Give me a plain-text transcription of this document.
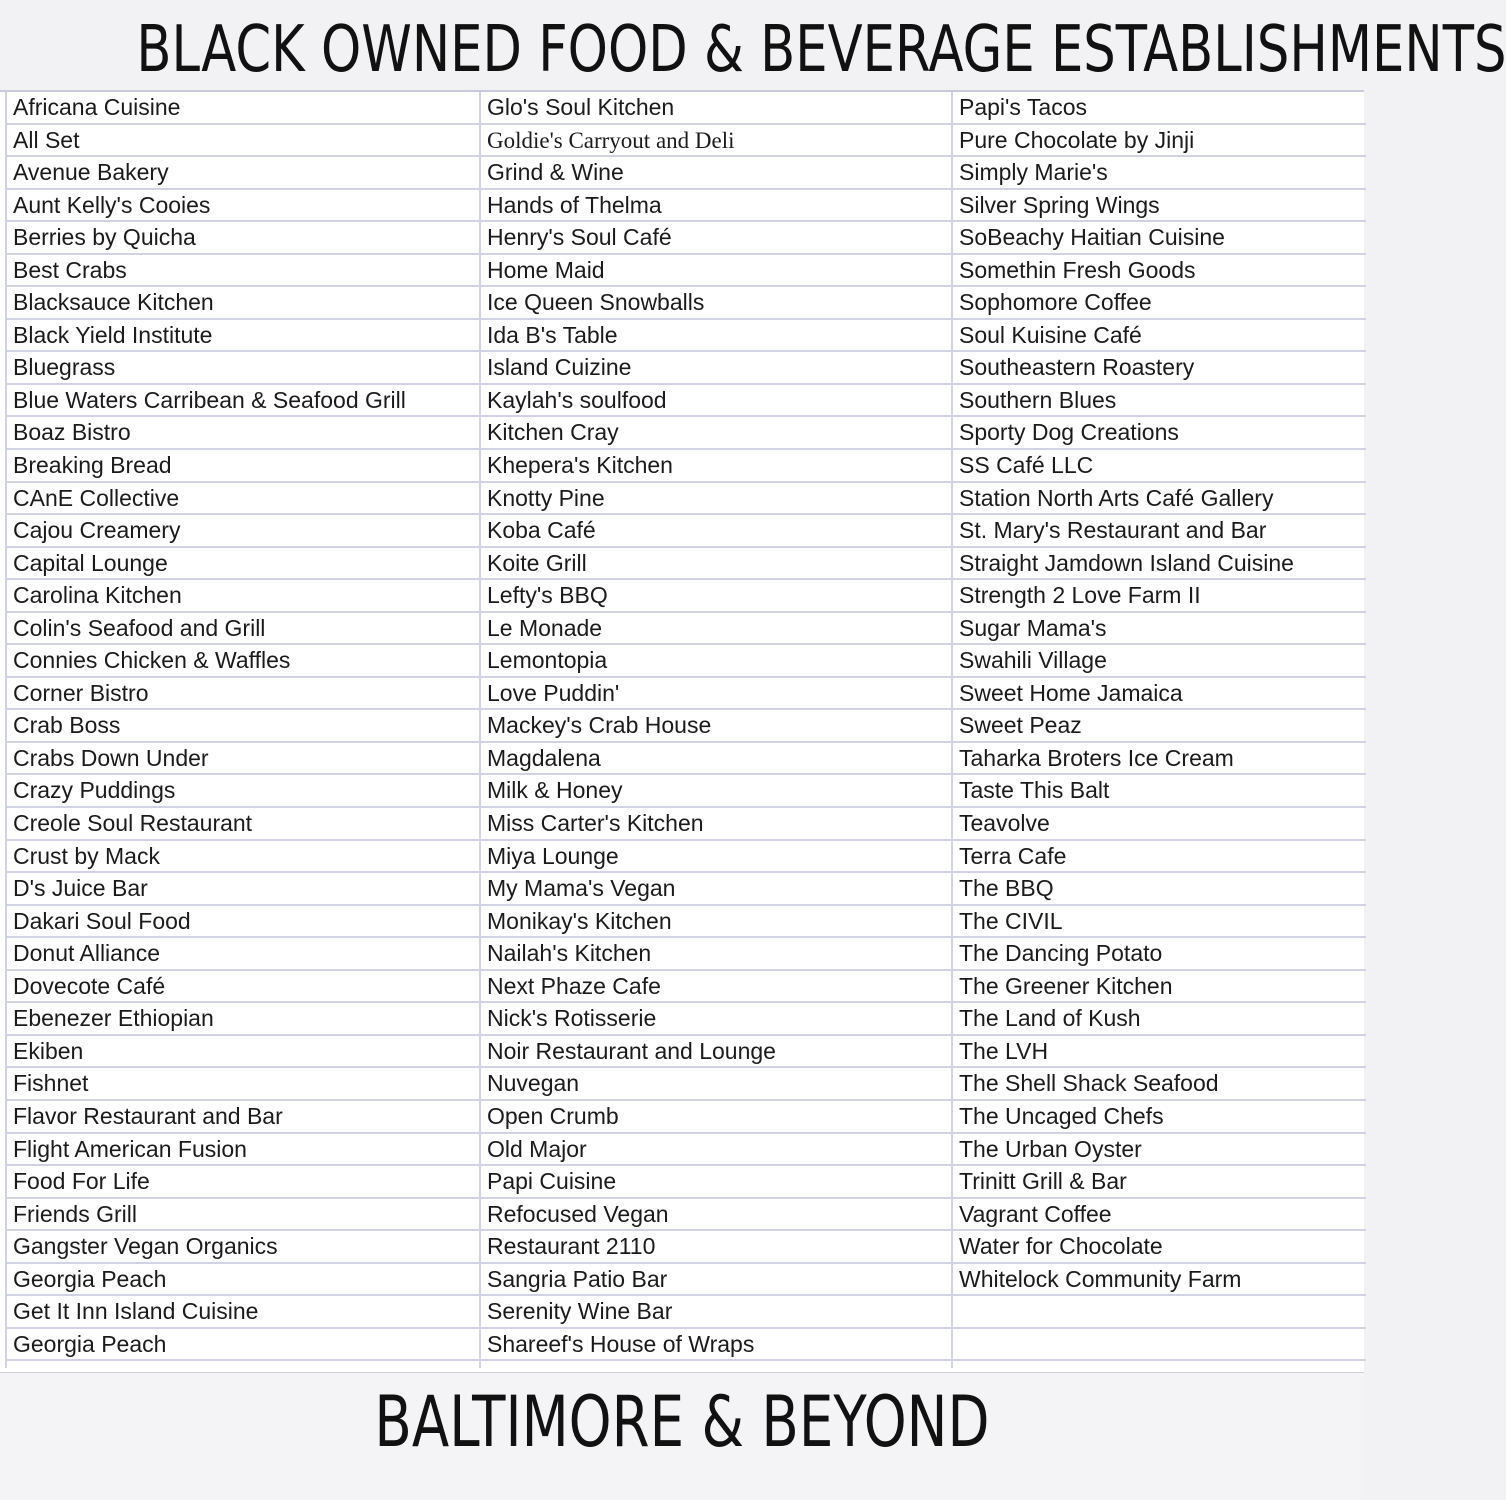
BLACK OWNED FOOD & BEVERAGE ESTABLISHMENTS
Africana Cuisine
All Set
Avenue Bakery
Aunt Kelly's Cooies
Berries by Quicha
Best Crabs
Blacksauce Kitchen
Black Yield Institute
Bluegrass
Blue Waters Carribean & Seafood Grill
Boaz Bistro
Breaking Bread
CAnE Collective
Cajou Creamery
Capital Lounge
Carolina Kitchen
Colin's Seafood and Grill
Connies Chicken & Waffles
Corner Bistro
Crab Boss
Crabs Down Under
Crazy Puddings
Creole Soul Restaurant
Crust by Mack
D's Juice Bar
Dakari Soul Food
Donut Alliance
Dovecote Café
Ebenezer Ethiopian
Ekiben
Fishnet
Flavor Restaurant and Bar
Flight American Fusion
Food For Life
Friends Grill
Gangster Vegan Organics
Georgia Peach
Get It Inn Island Cuisine
Georgia Peach
Glo's Soul Kitchen
Goldie's Carryout and Deli
Grind & Wine
Hands of Thelma
Henry's Soul Café
Home Maid
Ice Queen Snowballs
Ida B's Table
Island Cuizine
Kaylah's soulfood
Kitchen Cray
Khepera's Kitchen
Knotty Pine
Koba Café
Koite Grill
Lefty's BBQ
Le Monade
Lemontopia
Love Puddin'
Mackey's Crab House
Magdalena
Milk & Honey
Miss Carter's Kitchen
Miya Lounge
My Mama's Vegan
Monikay's Kitchen
Nailah's Kitchen
Next Phaze Cafe
Nick's Rotisserie
Noir Restaurant and Lounge
Nuvegan
Open Crumb
Old Major
Papi Cuisine
Refocused Vegan
Restaurant 2110
Sangria Patio Bar
Serenity Wine Bar
Shareef's House of Wraps
Papi's Tacos
Pure Chocolate by Jinji
Simply Marie's
Silver Spring Wings
SoBeachy Haitian Cuisine
Somethin Fresh Goods
Sophomore Coffee
Soul Kuisine Café
Southeastern Roastery
Southern Blues
Sporty Dog Creations
SS Café LLC
Station North Arts Café Gallery
St. Mary's Restaurant and Bar
Straight Jamdown Island Cuisine
Strength 2 Love Farm II
Sugar Mama's
Swahili Village
Sweet Home Jamaica
Sweet Peaz
Taharka Broters Ice Cream
Taste This Balt
Teavolve
Terra Cafe
The BBQ
The CIVIL
The Dancing Potato
The Greener Kitchen
The Land of Kush
The LVH
The Shell Shack Seafood
The Uncaged Chefs
The Urban Oyster
Trinitt Grill & Bar
Vagrant Coffee
Water for Chocolate
Whitelock Community Farm
BALTIMORE & BEYOND
